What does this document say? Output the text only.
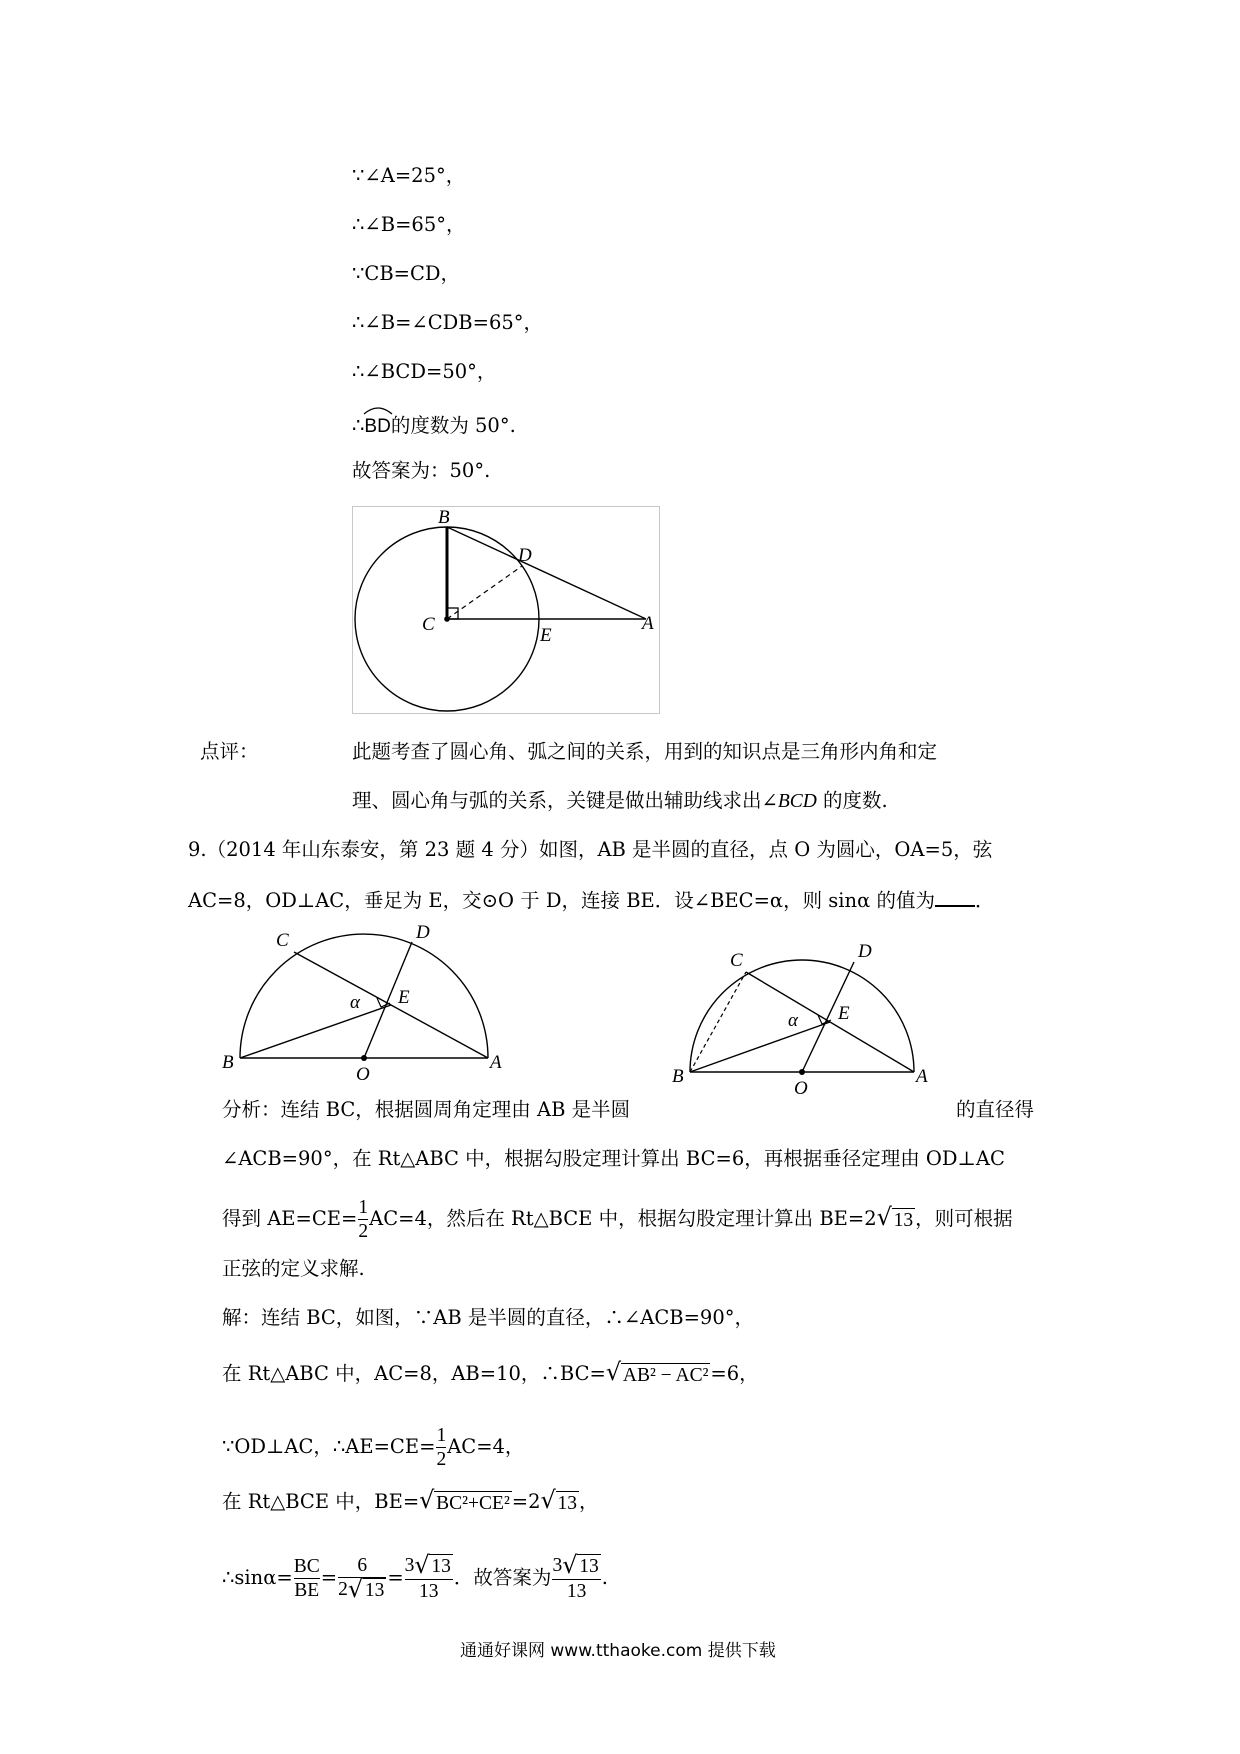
∵∠A=25°，
∴∠B=65°，
∵CB=CD，
∴∠B=∠CDB=65°，
∴∠BCD=50°，
∴
BD的度数为 50°.
故答案为：50°.
B
D
C
E
A
点评：	此题考查了圆心角、弧之间的关系，用到的知识点是三角形内角和定
理、圆心角与弧的关系，关键是做出辅助线求出∠BCD 的度数.
9.（2014 年山东泰安，第 23 题 4 分）如图，AB 是半圆的直径，点 O 为圆心，OA=5，弦
AC=8，OD⊥AC，垂足为 E，交⊙O 于 D，连接 BE．设∠BEC=α，则 sinα 的值为 ．
C	D
E
α
B
O
A
C	D
E
α
B
O
A
分析：连结 BC，根据圆周角定理由 AB 是半圆	的直径得
∠ACB=90°，在 Rt△ABC 中，根据勾股定理计算出 BC=6，再根据垂径定理由 OD⊥AC
得到 $AE=CE= \frac{1}{2} AC=4$，然后在 Rt△BCE 中，根据勾股定理计算出 BE=2 √ 13 ，则可根据
正弦的定义求解.
解：连结 BC，如图，∵AB 是半圆的直径，∴∠ACB=90°，
在 Rt△ABC 中，AC=8，AB=10，∴BC= √ AB² − AC² =6，
∵OD⊥AC，∴AE=CE= $\frac{1}{2} AC=4$，
在 Rt△BCE 中，BE= √ BC²+CE² =2 √ 13 ，
∴sinα= $\frac{BC}{BE} = \frac{6}{2 √ 13} = \frac{3 √ 13}{13}$ ．故答案为 $\frac{3 √ 13}{13}$ .
通通好课网 www.tthaoke.com 提供下载
